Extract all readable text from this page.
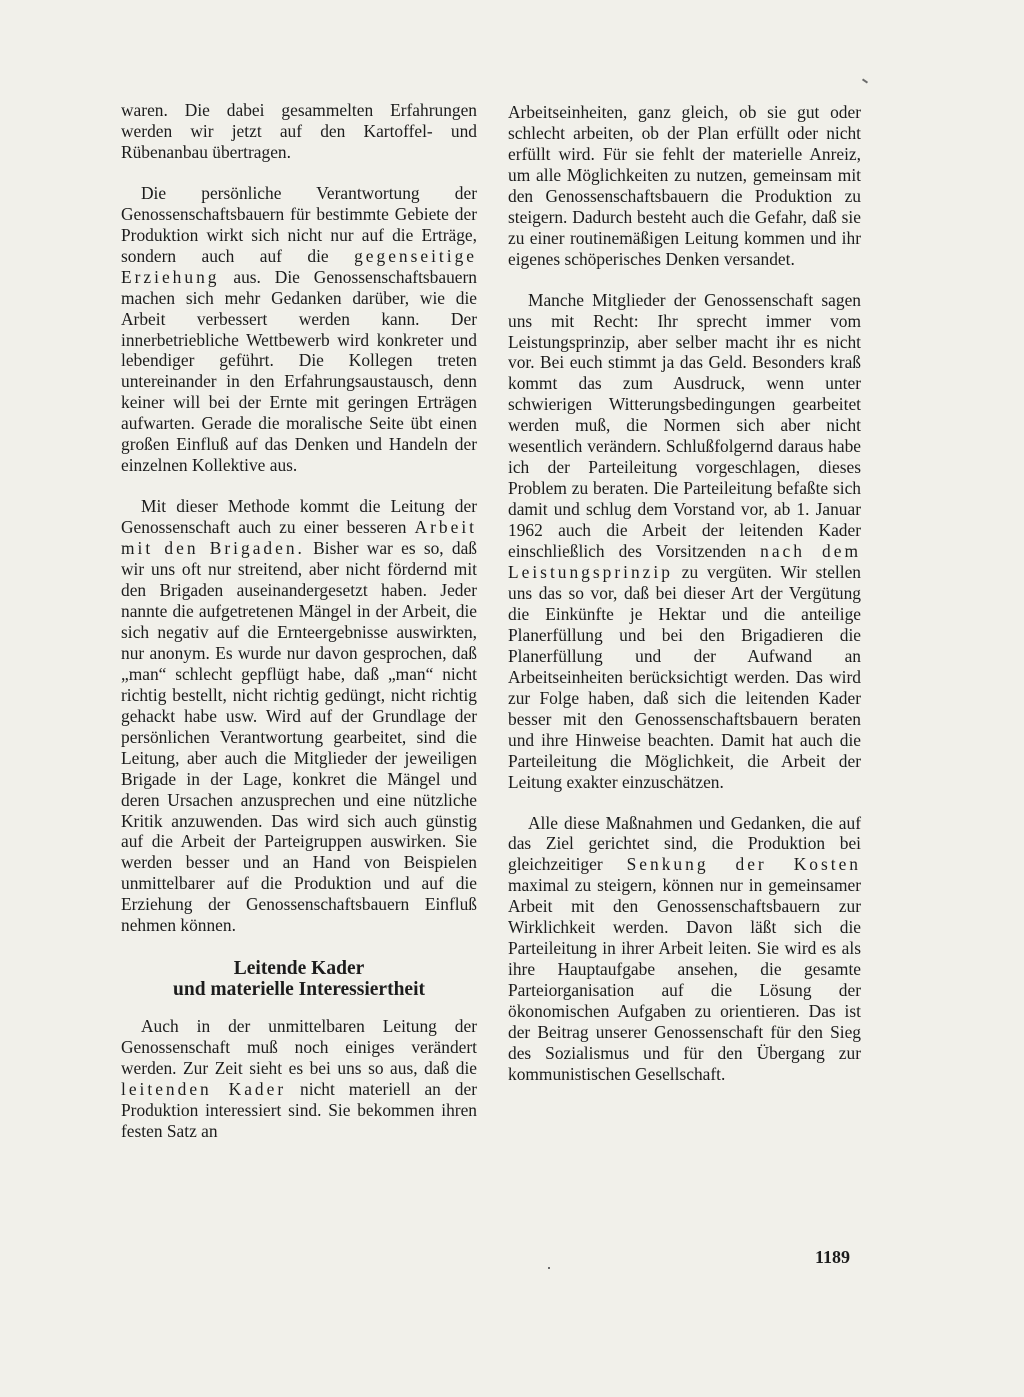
waren. Die dabei gesammelten Erfahrungen werden wir jetzt auf den Kartoffel- und Rübenanbau übertragen.

Die persönliche Verantwortung der Genossenschaftsbauern für bestimmte Gebiete der Produktion wirkt sich nicht nur auf die Erträge, sondern auch auf die gegenseitige Erziehung aus. Die Genossenschaftsbauern machen sich mehr Gedanken darüber, wie die Arbeit verbessert werden kann. Der innerbetriebliche Wettbewerb wird konkreter und lebendiger geführt. Die Kollegen treten untereinander in den Erfahrungsaustausch, denn keiner will bei der Ernte mit geringen Erträgen aufwarten. Gerade die moralische Seite übt einen großen Einfluß auf das Denken und Handeln der einzelnen Kollektive aus.

Mit dieser Methode kommt die Leitung der Genossenschaft auch zu einer besseren Arbeit mit den Brigaden. Bisher war es so, daß wir uns oft nur streitend, aber nicht fördernd mit den Brigaden auseinandergesetzt haben. Jeder nannte die aufgetretenen Mängel in der Arbeit, die sich negativ auf die Ernteergebnisse auswirkten, nur anonym. Es wurde nur davon gesprochen, daß „man“ schlecht gepflügt habe, daß „man“ nicht richtig bestellt, nicht richtig gedüngt, nicht richtig gehackt habe usw. Wird auf der Grundlage der persönlichen Verantwortung gearbeitet, sind die Leitung, aber auch die Mitglieder der jeweiligen Brigade in der Lage, konkret die Mängel und deren Ursachen anzusprechen und eine nützliche Kritik anzuwenden. Das wird sich auch günstig auf die Arbeit der Parteigruppen auswirken. Sie werden besser und an Hand von Beispielen unmittelbarer auf die Produktion und auf die Erziehung der Genossenschaftsbauern Einfluß nehmen können.

Leitende Kader
und materielle Interessiertheit

Auch in der unmittelbaren Leitung der Genossenschaft muß noch einiges verändert werden. Zur Zeit sieht es bei uns so aus, daß die leitenden Kader nicht materiell an der Produktion interessiert sind. Sie bekommen ihren festen Satz an

Arbeitseinheiten, ganz gleich, ob sie gut oder schlecht arbeiten, ob der Plan erfüllt oder nicht erfüllt wird. Für sie fehlt der materielle Anreiz, um alle Möglichkeiten zu nutzen, gemeinsam mit den Genossenschaftsbauern die Produktion zu steigern. Dadurch besteht auch die Gefahr, daß sie zu einer routinemäßigen Leitung kommen und ihr eigenes schöperisches Denken versandet.

Manche Mitglieder der Genossenschaft sagen uns mit Recht: Ihr sprecht immer vom Leistungsprinzip, aber selber macht ihr es nicht vor. Bei euch stimmt ja das Geld. Besonders kraß kommt das zum Ausdruck, wenn unter schwierigen Witterungsbedingungen gearbeitet werden muß, die Normen sich aber nicht wesentlich verändern. Schlußfolgernd daraus habe ich der Parteileitung vorgeschlagen, dieses Problem zu beraten. Die Parteileitung befaßte sich damit und schlug dem Vorstand vor, ab 1. Januar 1962 auch die Arbeit der leitenden Kader einschließlich des Vorsitzenden nach dem Leistungsprinzip zu vergüten. Wir stellen uns das so vor, daß bei dieser Art der Vergütung die Einkünfte je Hektar und die anteilige Planerfüllung und bei den Brigadieren die Planerfüllung und der Aufwand an Arbeitseinheiten berücksichtigt werden. Das wird zur Folge haben, daß sich die leitenden Kader besser mit den Genossenschaftsbauern beraten und ihre Hinweise beachten. Damit hat auch die Parteileitung die Möglichkeit, die Arbeit der Leitung exakter einzuschätzen.

Alle diese Maßnahmen und Gedanken, die auf das Ziel gerichtet sind, die Produktion bei gleichzeitiger Senkung der Kosten maximal zu steigern, können nur in gemeinsamer Arbeit mit den Genossenschaftsbauern zur Wirklichkeit werden. Davon läßt sich die Parteileitung in ihrer Arbeit leiten. Sie wird es als ihre Hauptaufgabe ansehen, die gesamte Parteiorganisation auf die Lösung der ökonomischen Aufgaben zu orientieren. Das ist der Beitrag unserer Genossenschaft für den Sieg des Sozialismus und für den Übergang zur kommunistischen Gesellschaft.

1189
